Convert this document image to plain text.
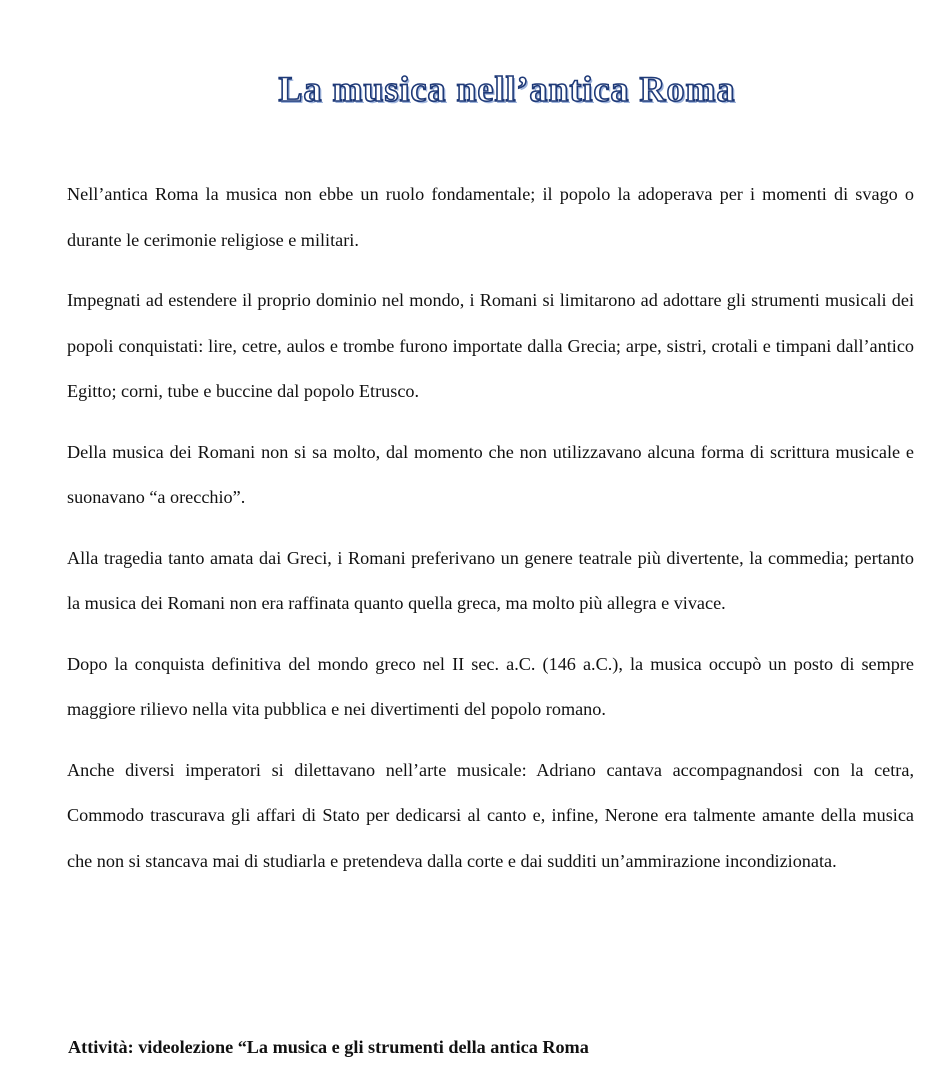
La musica nell’antica Roma

Nell’antica Roma la musica non ebbe un ruolo fondamentale; il popolo la adoperava per i momenti di svago o durante le cerimonie religiose e militari.

Impegnati ad estendere il proprio dominio nel mondo, i Romani si limitarono ad adottare gli strumenti musicali dei popoli conquistati: lire, cetre, aulos e trombe furono importate dalla Grecia; arpe, sistri, crotali e timpani dall’antico Egitto; corni, tube e buccine dal popolo Etrusco.

Della musica dei Romani non si sa molto, dal momento che non utilizzavano alcuna forma di scrittura musicale e suonavano “a orecchio”.

Alla tragedia tanto amata dai Greci, i Romani preferivano un genere teatrale più divertente, la commedia; pertanto la musica dei Romani non era raffinata quanto quella greca, ma molto più allegra e vivace.

Dopo la conquista definitiva del mondo greco nel II sec. a.C. (146 a.C.), la musica occupò un posto di sempre maggiore rilievo nella vita pubblica e nei divertimenti del popolo romano.

Anche diversi imperatori si dilettavano nell’arte musicale: Adriano cantava accompagnandosi con la cetra, Commodo trascurava gli affari di Stato per dedicarsi al canto e, infine, Nerone era talmente amante della musica che non si stancava mai di studiarla e pretendeva dalla corte e dai sudditi un’ammirazione incondizionata.

Attività: videolezione “La musica e gli strumenti della antica Roma
